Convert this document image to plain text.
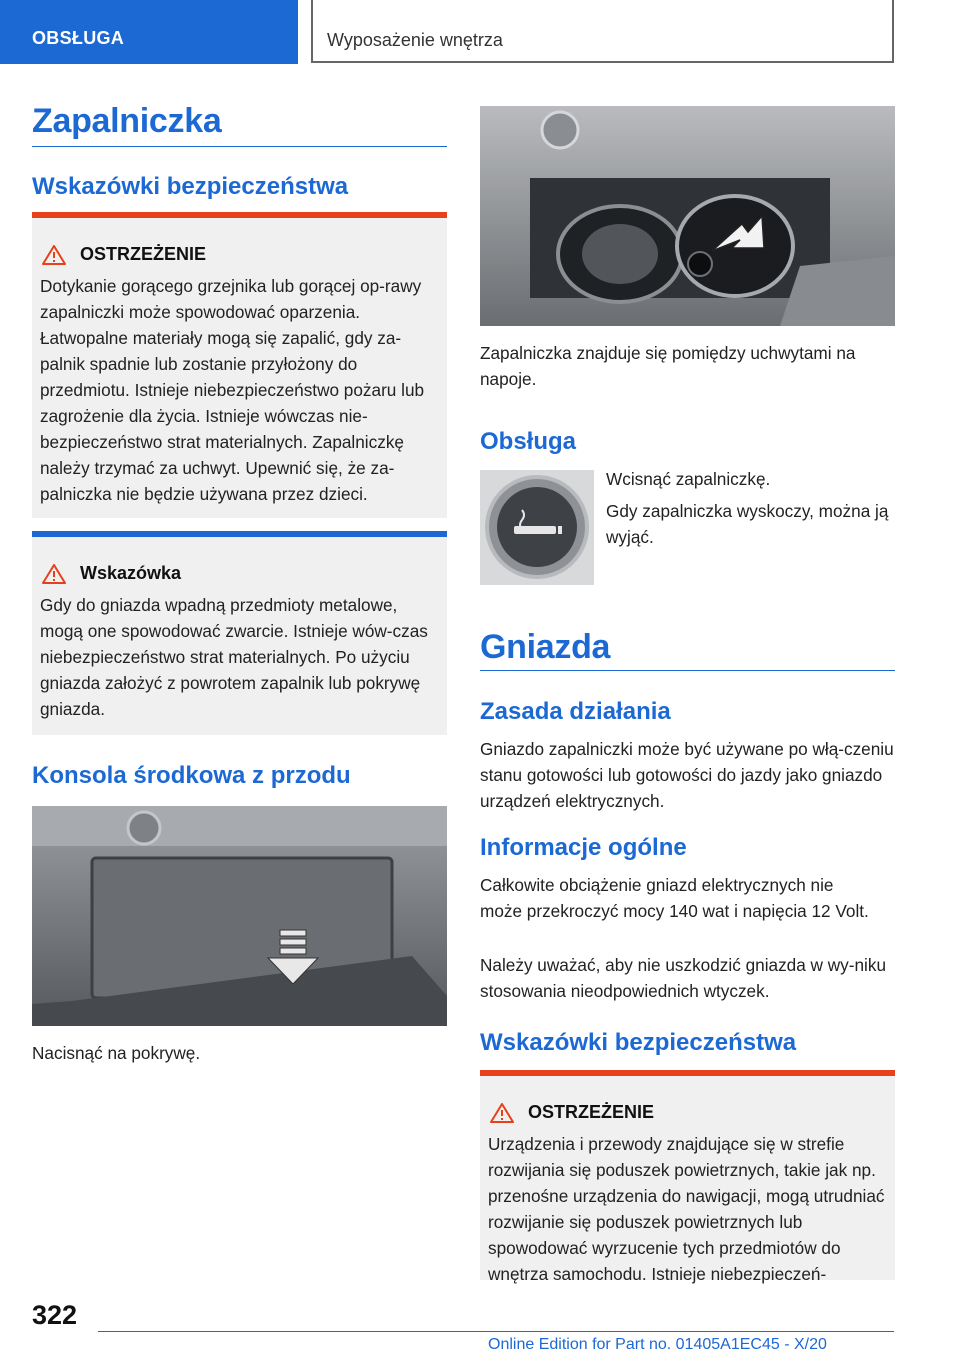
OBSŁUGA	Wyposażenie wnętrza
Zapalniczka
Wskazówki bezpieczeństwa
OSTRZEŻENIE
Dotykanie gorącego grzejnika lub gorącej op-rawy zapalniczki może spowodować oparzenia. Łatwopalne materiały mogą się zapalić, gdy za-palnik spadnie lub zostanie przyłożony do przedmiotu. Istnieje niebezpieczeństwo pożaru lub zagrożenie dla życia. Istnieje wówczas nie-bezpieczeństwo strat materialnych. Zapalniczkę należy trzymać za uchwyt. Upewnić się, że za-palniczka nie będzie używana przez dzieci.
Wskazówka
Gdy do gniazda wpadną przedmioty metalowe, mogą one spowodować zwarcie. Istnieje wów-czas niebezpieczeństwo strat materialnych. Po użyciu gniazda założyć z powrotem zapalnik lub pokrywę gniazda.
Konsola środkowa z przodu
Nacisnąć na pokrywę.
Zapalniczka znajduje się pomiędzy uchwytami na napoje.
Obsługa
Wcisnąć zapalniczkę.
Gdy zapalniczka wyskoczy, można ją wyjąć.
Gniazda
Zasada działania
Gniazdo zapalniczki może być używane po włą-czeniu stanu gotowości lub gotowości do jazdy jako gniazdo urządzeń elektrycznych.
Informacje ogólne
Całkowite obciążenie gniazd elektrycznych nie może przekroczyć mocy 140 wat i napięcia 12 Volt.
Należy uważać, aby nie uszkodzić gniazda w wy-niku stosowania nieodpowiednich wtyczek.
Wskazówki bezpieczeństwa
OSTRZEŻENIE
Urządzenia i przewody znajdujące się w strefie rozwijania się poduszek powietrznych, takie jak np. przenośne urządzenia do nawigacji, mogą utrudniać rozwijanie się poduszek powietrznych lub spowodować wyrzucenie tych przedmiotów do wnętrza samochodu. Istnieje niebezpieczeń-
322
Online Edition for Part no. 01405A1EC45 - X/20
